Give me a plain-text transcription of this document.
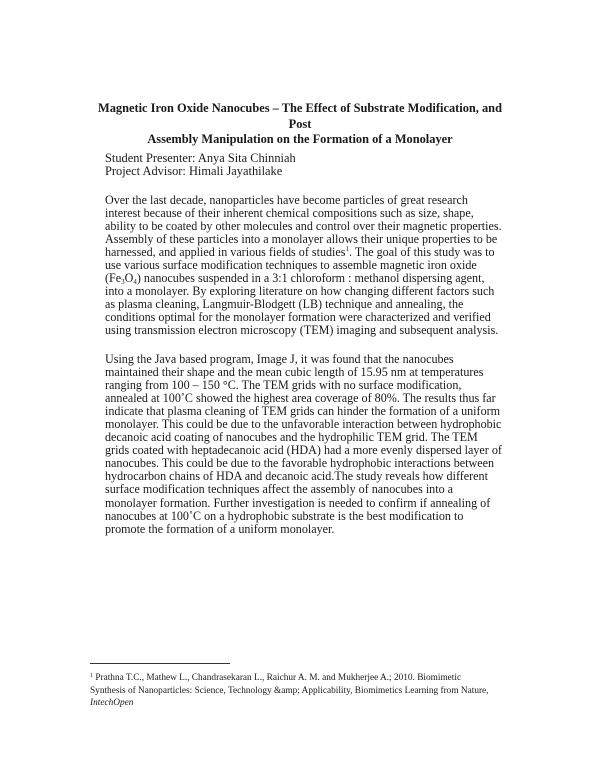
Magnetic Iron Oxide Nanocubes – The Effect of Substrate Modification, and Post
Assembly Manipulation on the Formation of a Monolayer
Student Presenter: Anya Sita Chinniah
Project Advisor: Himali Jayathilake
Over the last decade, nanoparticles have become particles of great research
interest because of their inherent chemical compositions such as size, shape,
ability to be coated by other molecules and control over their magnetic properties.
Assembly of these particles into a monolayer allows their unique properties to be
harnessed, and applied in various fields of studies$^1$. The goal of this study was to
use various surface modification techniques to assemble magnetic iron oxide
$(Fe_3O_4)$ nanocubes suspended in a 3:1 chloroform : methanol dispersing agent,
into a monolayer. By exploring literature on how changing different factors such
as plasma cleaning, Langmuir-Blodgett (LB) technique and annealing, the
conditions optimal for the monolayer formation were characterized and verified
using transmission electron microscopy (TEM) imaging and subsequent analysis.
Using the Java based program, Image J, it was found that the nanocubes
maintained their shape and the mean cubic length of 15.95 nm at temperatures
ranging from 100 – 150 °C. The TEM grids with no surface modification,
annealed at 100˚C showed the highest area coverage of 80%. The results thus far
indicate that plasma cleaning of TEM grids can hinder the formation of a uniform
monolayer. This could be due to the unfavorable interaction between hydrophobic
decanoic acid coating of nanocubes and the hydrophilic TEM grid. The TEM
grids coated with heptadecanoic acid (HDA) had a more evenly dispersed layer of
nanocubes. This could be due to the favorable hydrophobic interactions between
hydrocarbon chains of HDA and decanoic acid.The study reveals how different
surface modification techniques affect the assembly of nanocubes into a
monolayer formation. Further investigation is needed to confirm if annealing of
nanocubes at 100˚C on a hydrophobic substrate is the best modification to
promote the formation of a uniform monolayer.
$^1$ Prathna T.C., Mathew L., Chandrasekaran L., Raichur A. M. and Mukherjee A.; 2010. Biomimetic
Synthesis of Nanoparticles: Science, Technology &amp; Applicability, Biomimetics Learning from Nature,
IntechOpen
